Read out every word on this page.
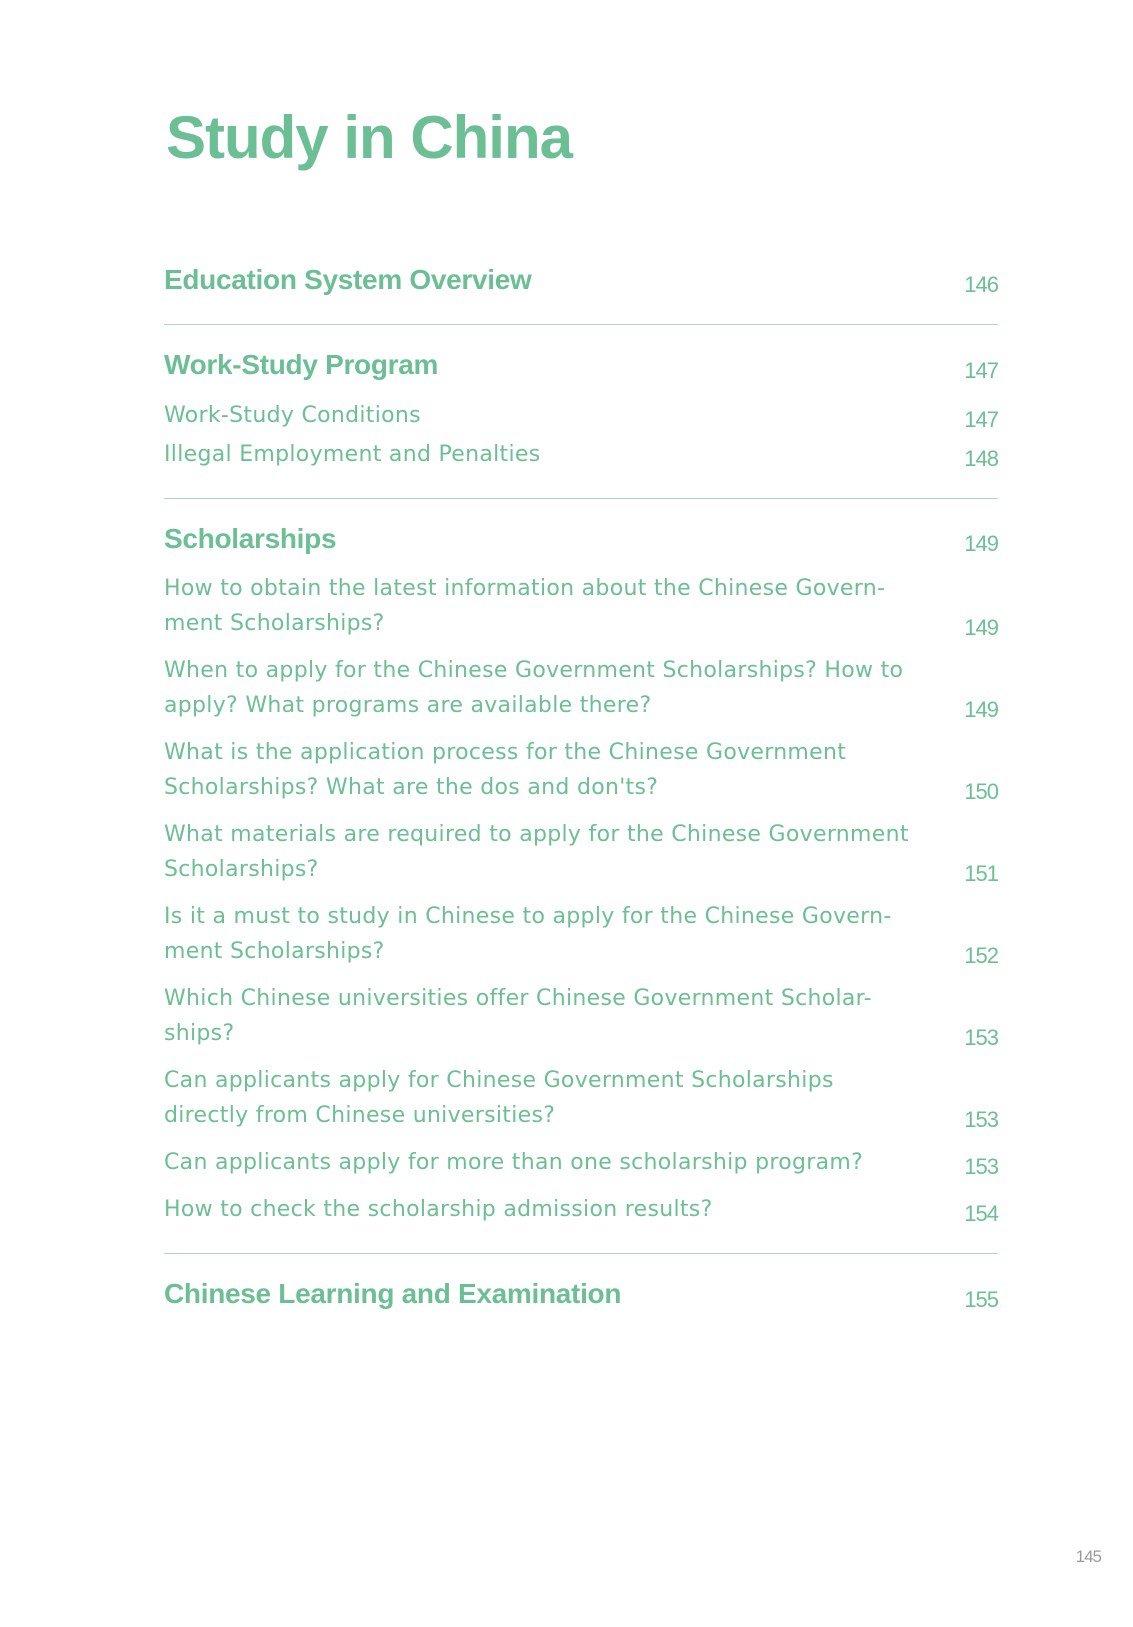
Study in China
Education System Overview	146
Work-Study Program	147
Work-Study Conditions	147
Illegal Employment and Penalties	148
Scholarships	149
How to obtain the latest information about the Chinese Govern-ment Scholarships?	149
When to apply for the Chinese Government Scholarships? How to apply? What programs are available there?	149
What is the application process for the Chinese Government Scholarships? What are the dos and don'ts?	150
What materials are required to apply for the Chinese Government Scholarships?	151
Is it a must to study in Chinese to apply for the Chinese Govern-ment Scholarships?	152
Which Chinese universities offer Chinese Government Scholar-ships?	153
Can applicants apply for Chinese Government Scholarships directly from Chinese universities?	153
Can applicants apply for more than one scholarship program?	153
How to check the scholarship admission results?	154
Chinese Learning and Examination	155
145
